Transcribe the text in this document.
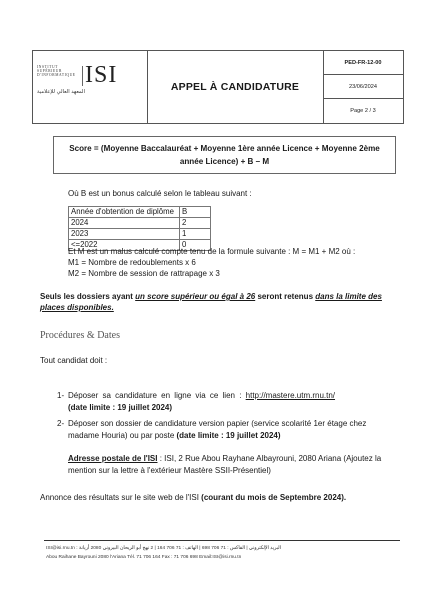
INSTITUT SUPÉRIEUR D'INFORMATIQUE ISI
المعهد العالي للإعلامية	APPEL À CANDIDATURE
PED-FR-12-00
23/06/2024
Page 2 / 3
Score = (Moyenne Baccalauréat + Moyenne 1ère année Licence + Moyenne 2ème
année Licence) + B – M
Où B est un bonus calculé selon le tableau suivant :
Année d'obtention de diplôme	B
2024	2
2023	1
<=2022	0
Et M est un malus calculé compte tenu de la formule suivante : M = M1 + M2 où :
M1 = Nombre de redoublements x 6
M2 = Nombre de session de rattrapage x 3
Seuls les dossiers ayant un score supérieur ou égal à 26 seront retenus dans la limite des
places disponibles.
Procédures & Dates
Tout candidat doit :
1- Déposer sa candidature en ligne via ce lien : http://mastere.utm.rnu.tn/
(date limite : 19 juillet 2024)
2- Déposer son dossier de candidature version papier (service scolarité 1er étage chez
madame Houria) ou par poste (date limite : 19 juillet 2024)
Adresse postale de l'ISI : ISI, 2 Rue Abou Rayhane Albayrouni, 2080 Ariana (Ajoutez la
mention sur la lettre à l'extérieur Mastère SSII-Présentiel)
Annonce des résultats sur le site web de l'ISI (courant du mois de Septembre 2024).
ISI@isi.rnu.tn : البريد الإلكتروني | الفاكس : 71 706 698 | الهاتف : 71 706 164 | 2 نهج أبو الريحان البيروني 2080 أريانة
Abou Raihane Bayrouni 2080 l'Ariana Tél. 71 706 164 Fax : 71 706 698 Email:ISI@isi.rnu.tn
